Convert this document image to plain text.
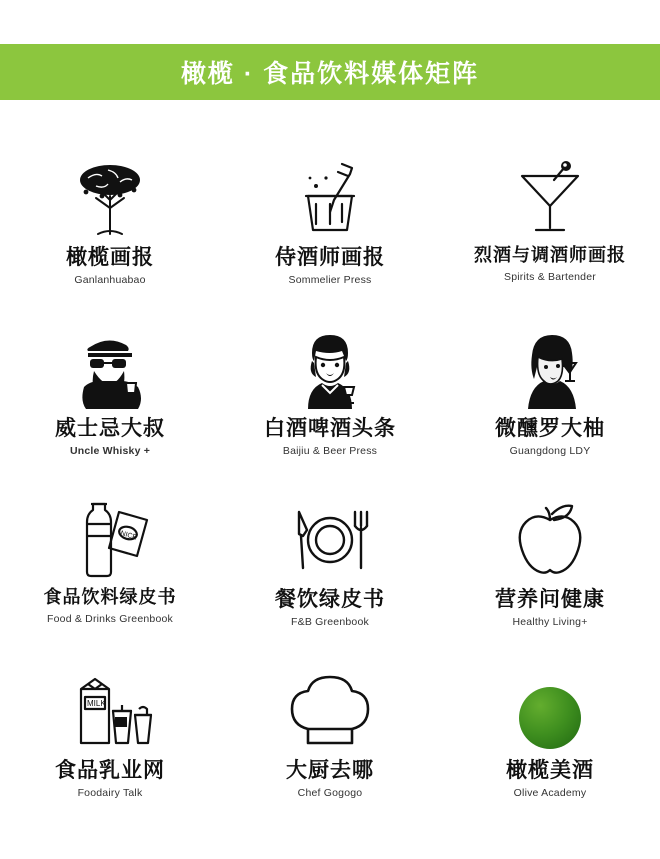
橄榄 · 食品饮料媒体矩阵
橄榄画报
Ganlanhuabao
侍酒师画报
Sommelier Press
烈酒与调酒师画报
Spirits & Bartender
威士忌大叔
Uncle Whisky +
白酒啤酒头条
Baijiu & Beer Press
微醺罗大柚
Guangdong LDY
NICE
食品饮料绿皮书
Food & Drinks Greenbook
餐饮绿皮书
F&B Greenbook
营养问健康
Healthy Living+
MILK
食品乳业网
Foodairy Talk
大厨去哪
Chef Gogogo
橄榄美酒
Olive Academy
